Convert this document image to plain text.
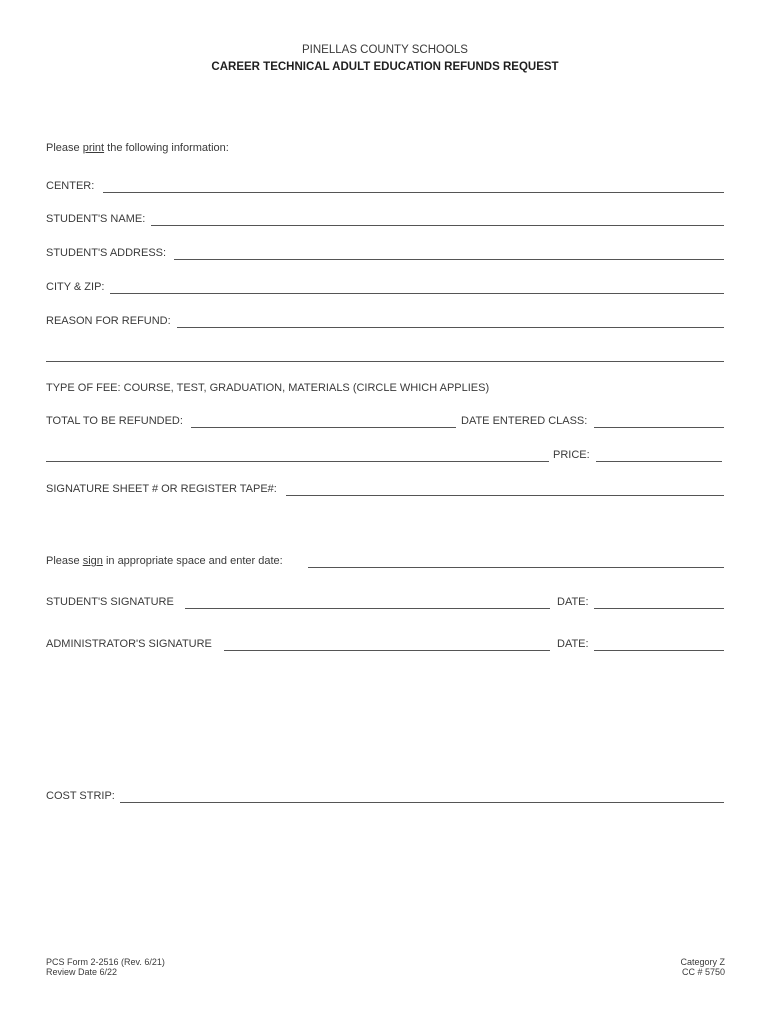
PINELLAS COUNTY SCHOOLS
CAREER TECHNICAL ADULT EDUCATION REFUNDS REQUEST
Please print the following information:
CENTER:
STUDENT'S NAME:
STUDENT'S ADDRESS:
CITY & ZIP:
REASON FOR REFUND:
TYPE OF FEE: COURSE, TEST, GRADUATION, MATERIALS (CIRCLE WHICH APPLIES)
TOTAL TO BE REFUNDED:	DATE ENTERED CLASS:
PRICE:
SIGNATURE SHEET # OR REGISTER TAPE#:
Please sign in appropriate space and enter date:
STUDENT'S SIGNATURE	DATE:
ADMINISTRATOR'S SIGNATURE	DATE:
COST STRIP:
PCS Form 2-2516 (Rev. 6/21)
Review Date 6/22
Category Z
CC # 5750
